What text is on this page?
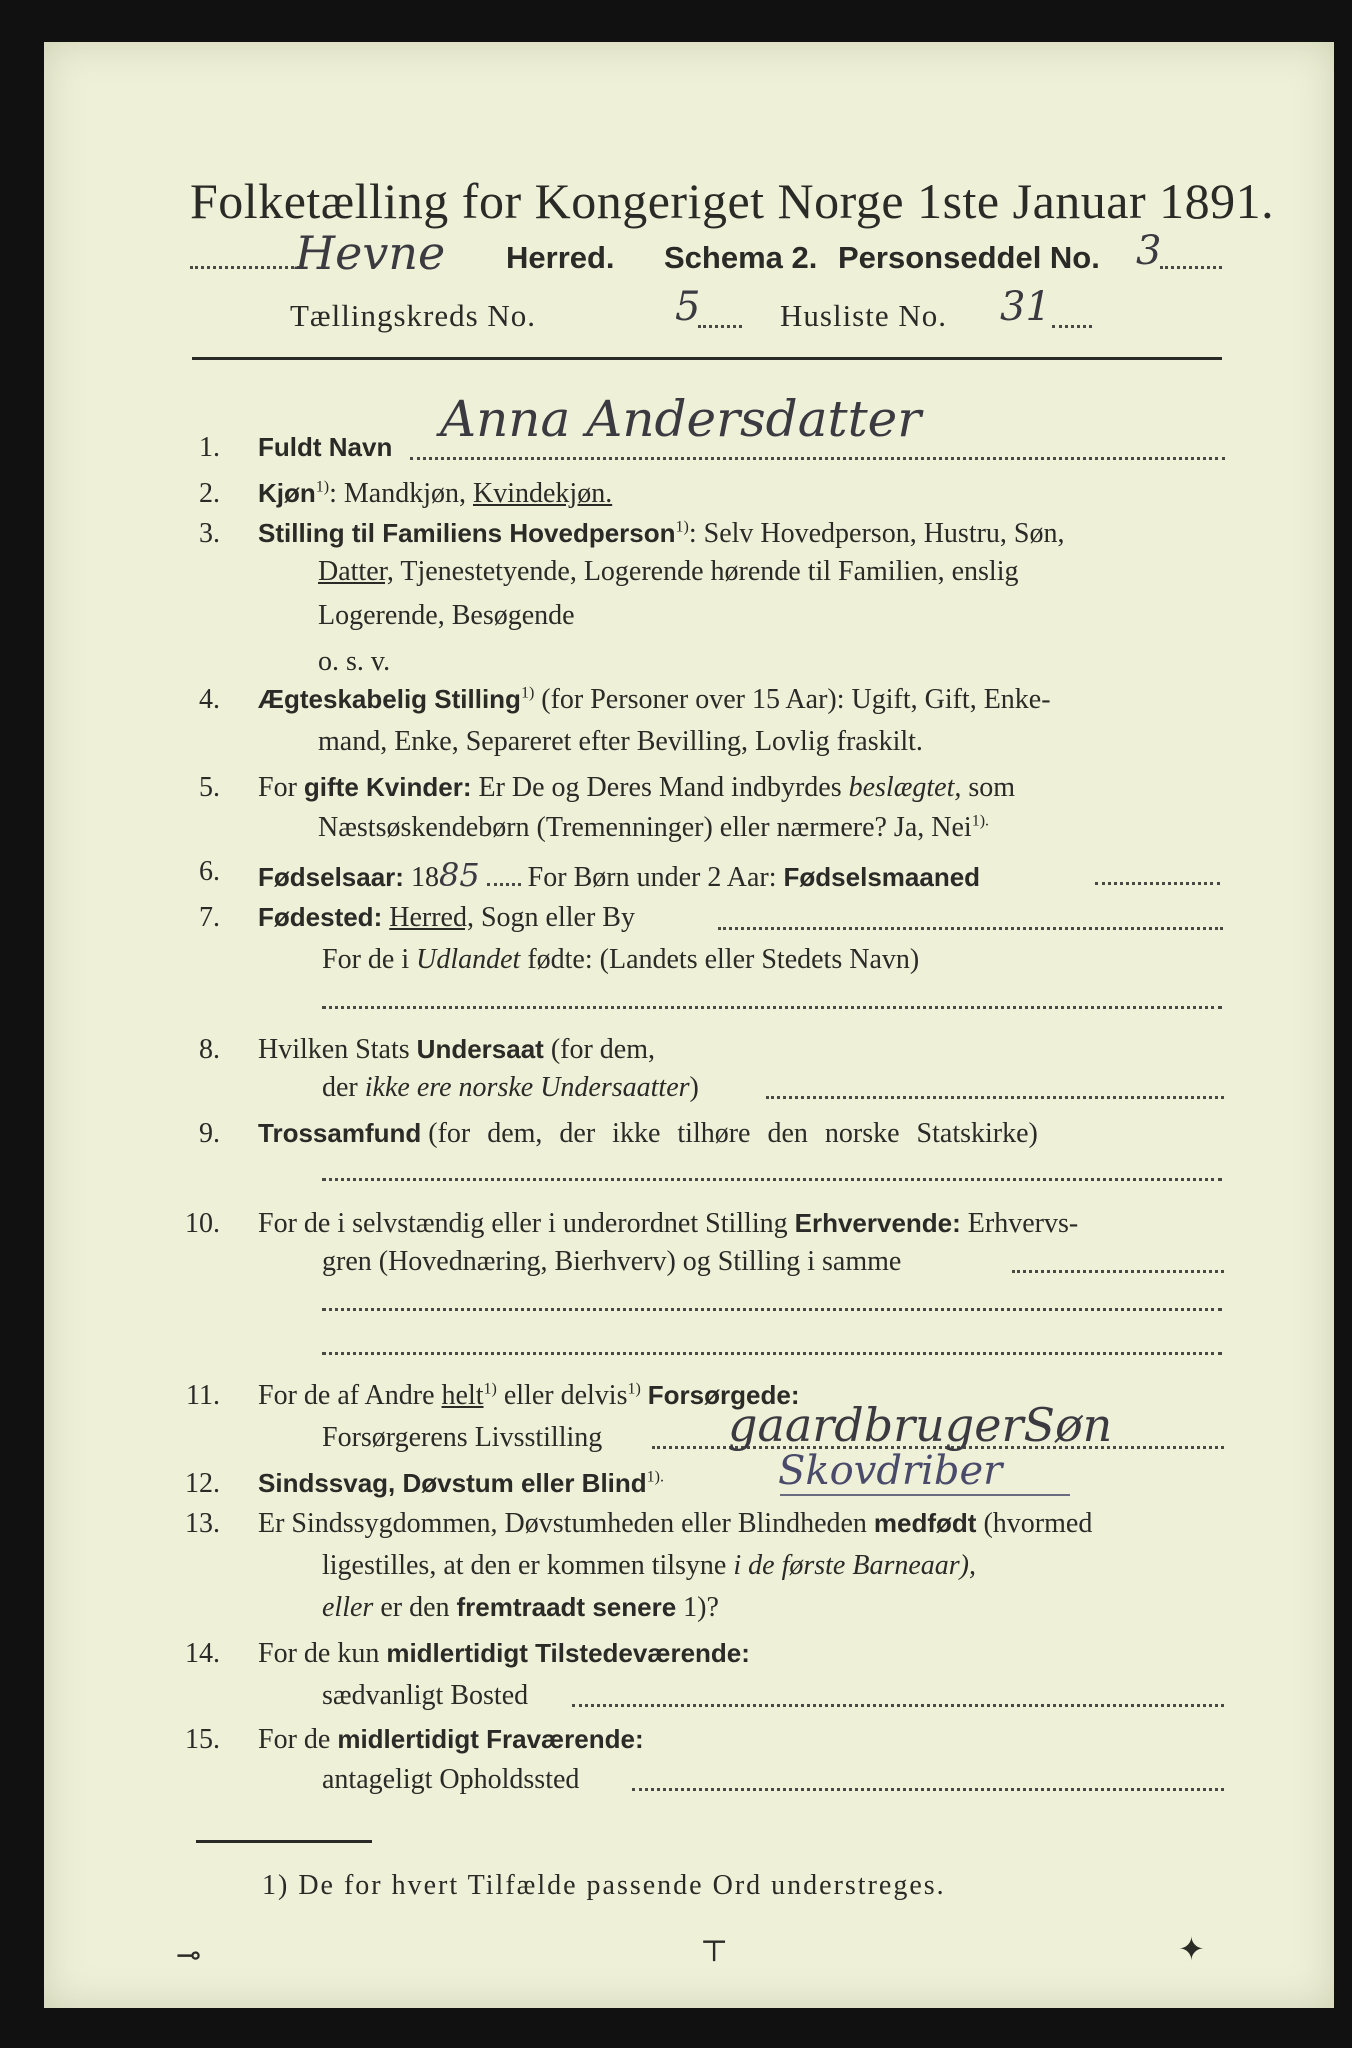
Folketælling for Kongeriget Norge 1ste Januar 1891.
Hevne Herred. Schema 2. Personseddel No. 3
Tællingskreds No.	5	Husliste No. 31
1. Fuldt Navn Anna Andersdatter
2. Kjøn$^{1)}$: Mandkjøn, Kvindekjøn.
3. Stilling til Familiens Hovedperson$^{1)}$: Selv Hovedperson, Hustru, Søn,
Datter, Tjenestetyende, Logerende hørende til Familien, enslig
Logerende, Besøgende
o. s. v.
4. Ægteskabelig Stilling$^{1)}$ (for Personer over 15 Aar): Ugift, Gift, Enke-
mand, Enke, Separeret efter Bevilling, Lovlig fraskilt.
5. For gifte Kvinder: Er De og Deres Mand indbyrdes beslægtet, som
Næstsøskendebørn (Tremenninger) eller nærmere? Ja, Nei$^{1).}$
6. Fødselsaar: 1885 For Børn under 2 Aar: Fødselsmaaned
7. Fødested: Herred, Sogn eller By
For de i Udlandet fødte: (Landets eller Stedets Navn)
8. Hvilken Stats Undersaat (for dem,
der ikke ere norske Undersaatter)
9. Trossamfund (for dem, der ikke tilhøre den norske Statskirke)
10. For de i selvstændig eller i underordnet Stilling Erhvervende: Erhvervs-
gren (Hovednæring, Bierhverv) og Stilling i samme
11. For de af Andre helt$^{1)}$ eller delvis$^{1)}$ Forsørgede:
Forsørgerens Livsstilling	gaardbrugerSøn
12. Sindssvag, Døvstum eller Blind$^{1).}$	Skovdriber
13. Er Sindssygdommen, Døvstumheden eller Blindheden medfødt (hvormed
ligestilles, at den er kommen tilsyne i de første Barneaar),
eller er den fremtraadt senere 1)?
14. For de kun midlertidigt Tilstedeværende:
sædvanligt Bosted
15. For de midlertidigt Fraværende:
antageligt Opholdssted
1) De for hvert Tilfælde passende Ord understreges.
⊸	⊤	✦
